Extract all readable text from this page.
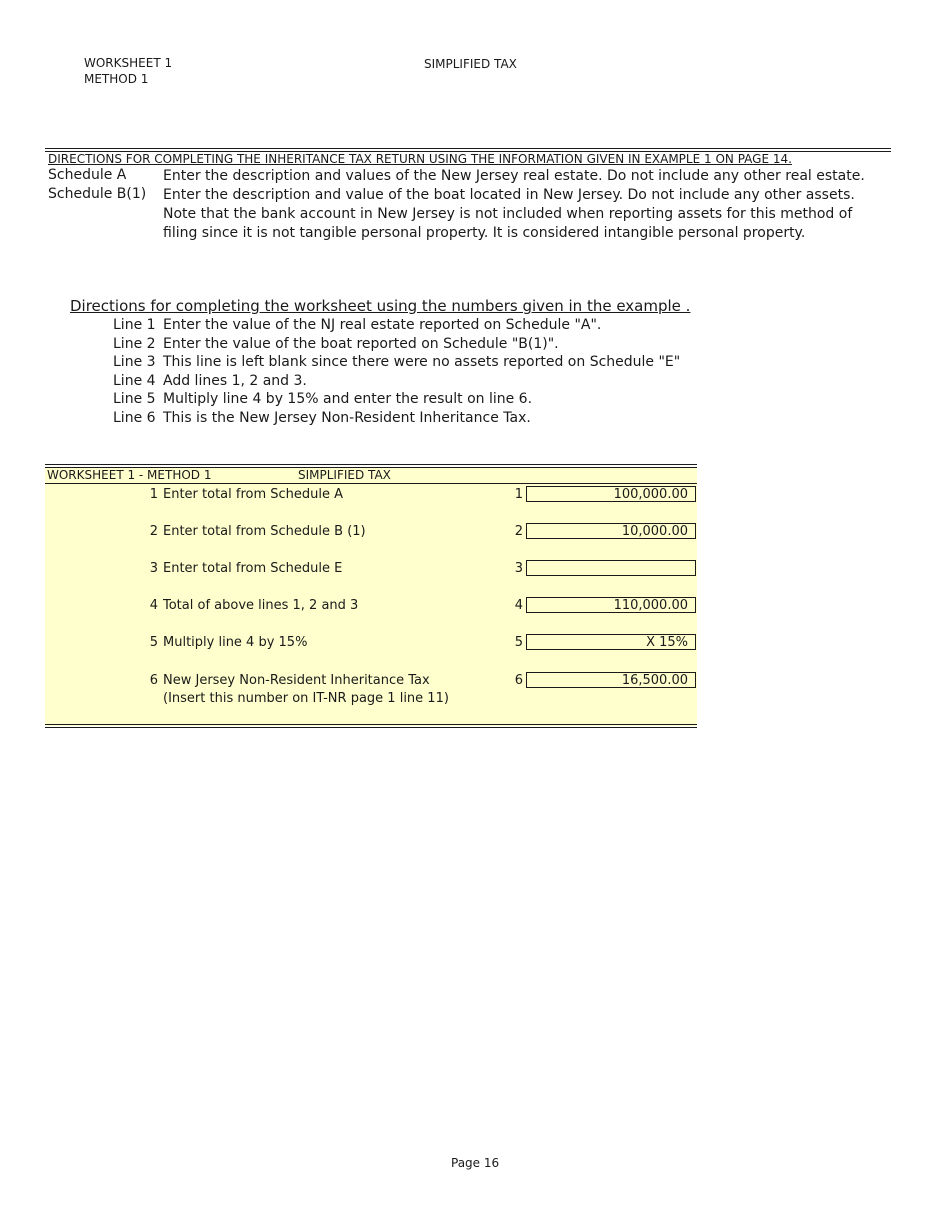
WORKSHEET 1
METHOD 1
SIMPLIFIED TAX
DIRECTIONS FOR COMPLETING THE INHERITANCE TAX RETURN USING THE INFORMATION GIVEN IN EXAMPLE 1 ON PAGE 14.
Schedule A	Enter the description and values of the New Jersey real estate. Do not include any other real estate.
Schedule B(1) Enter the description and value of the boat located in New Jersey. Do not include any other assets.
Note that the bank account in New Jersey is not included when reporting assets for this method of
filing since it is not tangible personal property. It is considered intangible personal property.
Directions for completing the worksheet using the numbers given in the example .
Line 1 Enter the value of the NJ real estate reported on Schedule "A".
Line 2 Enter the value of the boat reported on Schedule "B(1)".
Line 3 This line is left blank since there were no assets reported on Schedule "E"
Line 4 Add lines 1, 2 and 3.
Line 5 Multiply line 4 by 15% and enter the result on line 6.
Line 6 This is the New Jersey Non-Resident Inheritance Tax.
WORKSHEET 1 - METHOD 1	SIMPLIFIED TAX
1 Enter total from Schedule A	1	100,000.00
2 Enter total from Schedule B (1)	2	10,000.00
3 Enter total from Schedule E	3
4 Total of above lines 1, 2 and 3	4	110,000.00
5 Multiply line 4 by 15%	5	X 15%
6 New Jersey Non-Resident Inheritance Tax	6	16,500.00
(Insert this number on IT-NR page 1 line 11)
Page 16
